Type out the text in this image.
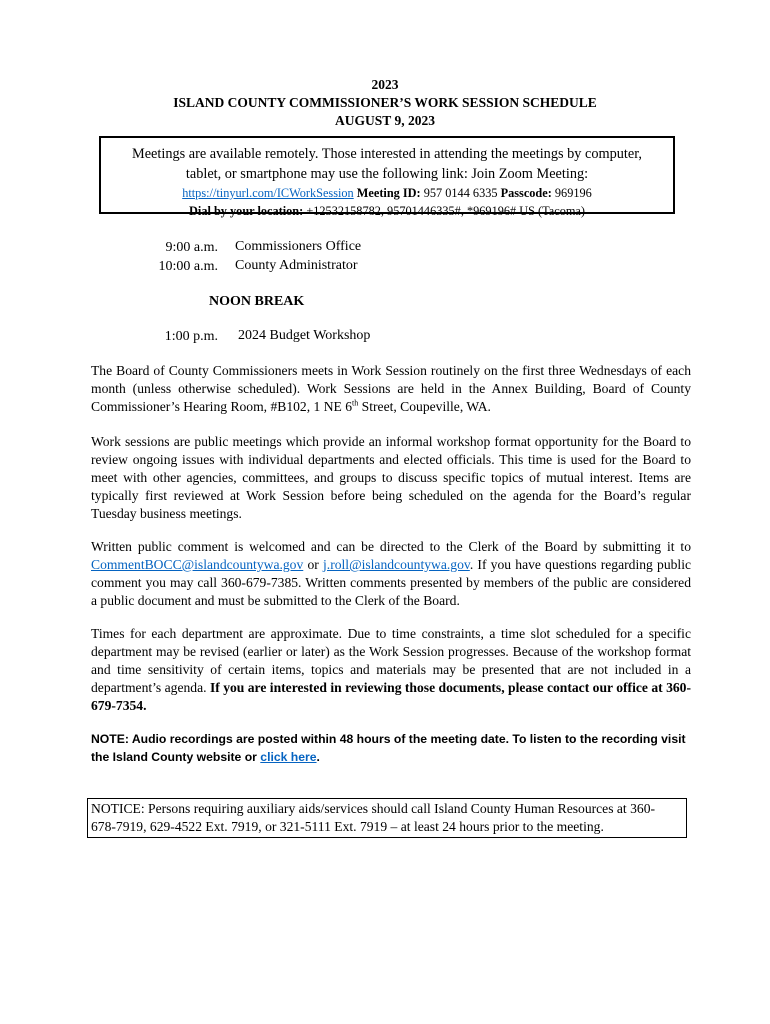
2023
ISLAND COUNTY COMMISSIONER’S WORK SESSION SCHEDULE
AUGUST 9, 2023
Meetings are available remotely. Those interested in attending the meetings by computer,
tablet, or smartphone may use the following link: Join Zoom Meeting:
https://tinyurl.com/ICWorkSession Meeting ID: 957 0144 6335 Passcode: 969196
Dial by your location: +12532158782, 95701446335#, *969196# US (Tacoma)
9:00 a.m. Commissioners Office
10:00 a.m. County Administrator
NOON BREAK
1:00 p.m. 2024 Budget Workshop
The Board of County Commissioners meets in Work Session routinely on the first three Wednesdays of each month (unless otherwise scheduled). Work Sessions are held in the Annex Building, Board of County Commissioner’s Hearing Room, #B102, 1 NE 6th Street, Coupeville, WA.
Work sessions are public meetings which provide an informal workshop format opportunity for the Board to review ongoing issues with individual departments and elected officials. This time is used for the Board to meet with other agencies, committees, and groups to discuss specific topics of mutual interest. Items are typically first reviewed at Work Session before being scheduled on the agenda for the Board’s regular Tuesday business meetings.
Written public comment is welcomed and can be directed to the Clerk of the Board by submitting it to CommentBOCC@islandcountywa.gov or j.roll@islandcountywa.gov. If you have questions regarding public comment you may call 360-679-7385. Written comments presented by members of the public are considered a public document and must be submitted to the Clerk of the Board.
Times for each department are approximate. Due to time constraints, a time slot scheduled for a specific department may be revised (earlier or later) as the Work Session progresses. Because of the workshop format and time sensitivity of certain items, topics and materials may be presented that are not included in a department’s agenda. If you are interested in reviewing those documents, please contact our office at 360-679-7354.
NOTE: Audio recordings are posted within 48 hours of the meeting date. To listen to the recording visit the Island County website or click here.
NOTICE: Persons requiring auxiliary aids/services should call Island County Human Resources at 360- 678-7919, 629-4522 Ext. 7919, or 321-5111 Ext. 7919 – at least 24 hours prior to the meeting.
